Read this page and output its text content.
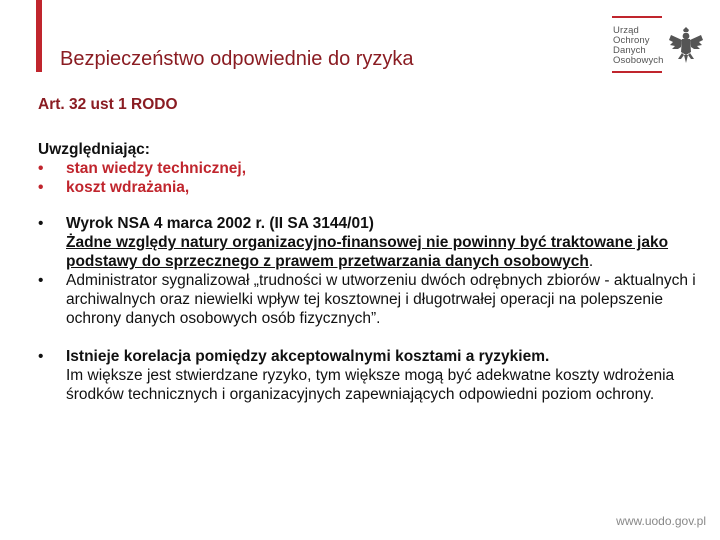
Bezpieczeństwo odpowiednie do ryzyka
Urząd
Ochrony
Danych
Osobowych
Art. 32 ust 1 RODO
Uwzględniając:
•	stan wiedzy technicznej,
•	koszt wdrażania,
•	Wyrok NSA 4 marca 2002 r. (II SA 3144/01)
Żadne względy natury organizacyjno-finansowej nie powinny być traktowane jako podstawy do sprzecznego z prawem przetwarzania danych osobowych.
•	Administrator sygnalizował „trudności w utworzeniu dwóch odrębnych zbiorów - aktualnych i archiwalnych oraz niewielki wpływ tej kosztownej i długotrwałej operacji na polepszenie ochrony danych osobowych osób fizycznych”.
•	Istnieje korelacja pomiędzy akceptowalnymi kosztami a ryzykiem.
Im większe jest stwierdzane ryzyko, tym większe mogą być adekwatne koszty wdrożenia środków technicznych i organizacyjnych zapewniających odpowiedni poziom ochrony.
www.uodo.gov.pl
